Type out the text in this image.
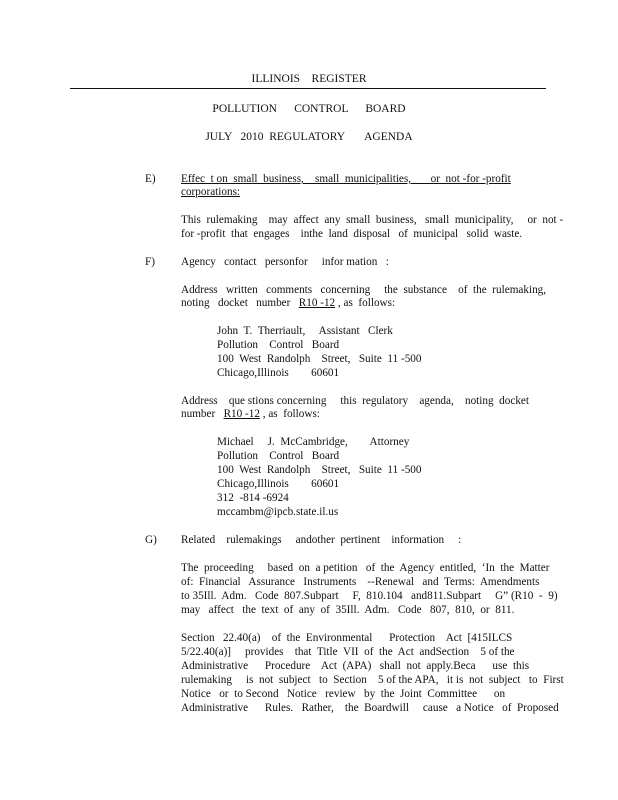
ILLINOIS    REGISTER
POLLUTION      CONTROL      BOARD
JULY   2010  REGULATORY       AGENDA
E) Effec  t on  small  business,    small  municipalities,       or  not -for -profit
corporations:
This  rulemaking    may  affect  any  small  business,   small  municipality,     or  not -
for -profit  that  engages    inthe  land  disposal   of  municipal   solid  waste.
F) Agency   contact   personfor     infor mation   :
Address   written   comments   concerning     the  substance    of  the  rulemaking,
noting   docket   number   R10 -12 , as  follows:
John  T.  Therriault,     Assistant   Clerk
Pollution    Control   Board
100  West  Randolph    Street,   Suite  11 -500
Chicago,Illinois        60601
Address    que stions concerning     this  regulatory    agenda,    noting  docket
number   R10 -12 , as  follows:
Michael     J.  McCambridge,        Attorney
Pollution    Control   Board
100  West  Randolph    Street,   Suite  11 -500
Chicago,Illinois        60601
312  -814 -6924
mccambm@ipcb.state.il.us
G) Related    rulemakings     andother  pertinent    information     :
The  proceeding     based  on  a petition   of  the  Agency  entitled,  ‘In  the  Matter
of:  Financial   Assurance   Instruments    --Renewal   and  Terms:  Amendments
to 35Ill.  Adm.   Code  807.Subpart     F,  810.104   and811.Subpart     G” (R10  -  9)
may   affect   the  text  of  any  of  35Ill.  Adm.   Code   807,  810,  or  811.
Section   22.40(a)    of  the  Environmental      Protection    Act  [415ILCS
5/22.40(a)]     provides    that  Title  VII  of  the  Act  andSection    5 of the
Administrative      Procedure    Act  (APA)   shall  not  apply.Beca      use  this
rulemaking     is  not  subject   to  Section    5 of the APA,   it is  not  subject   to  First
Notice   or  to Second   Notice   review   by  the  Joint  Committee      on
Administrative      Rules.   Rather,    the  Boardwill     cause   a Notice   of  Proposed
